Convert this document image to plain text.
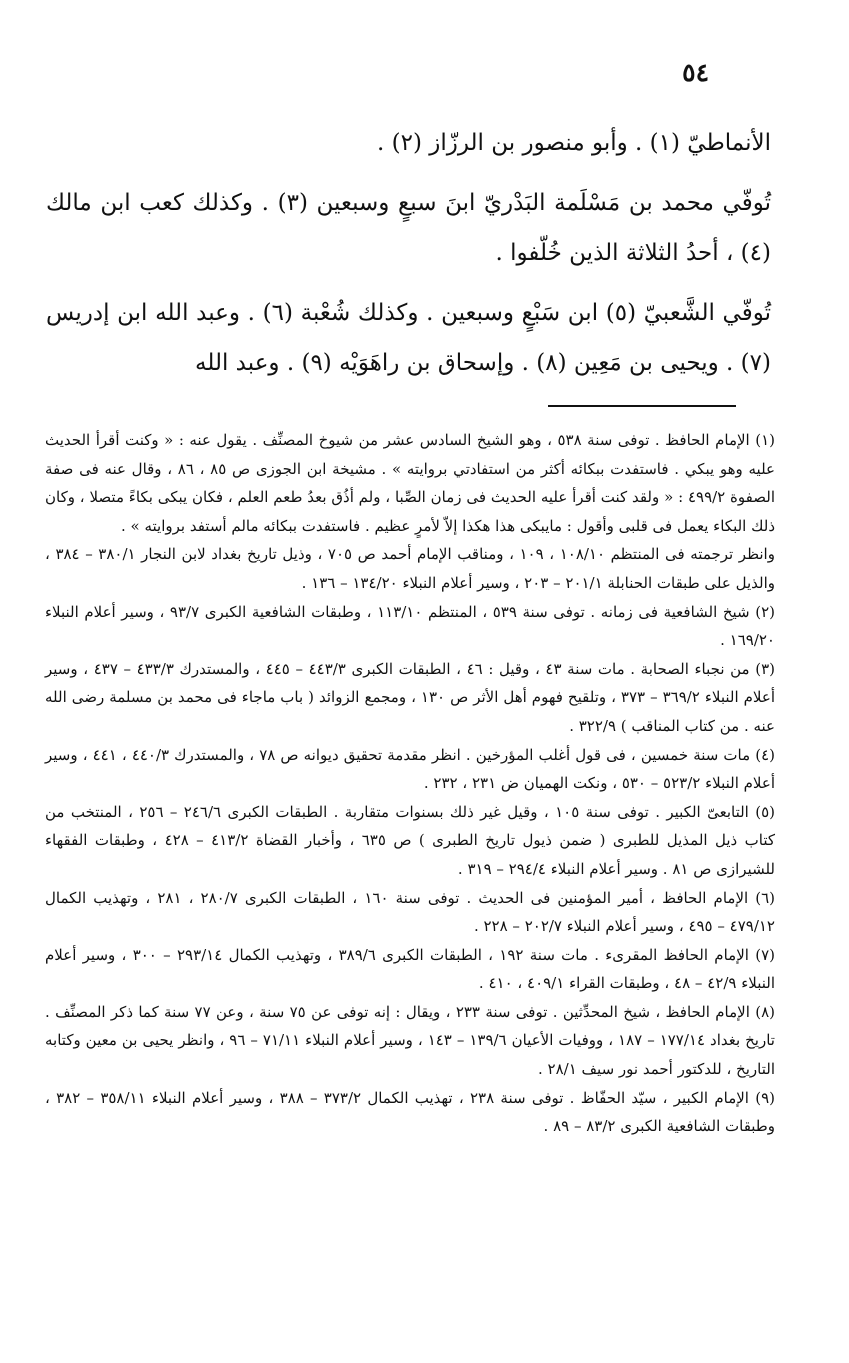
٥٤

الأنماطيّ (١) . وأبو منصور بن الرزّاز (٢) .

تُوفّي محمد بن مَسْلَمة البَدْريّ ابنَ سبعٍ وسبعين (٣) . وكذلك كعب ابن مالك (٤) ، أحدُ الثلاثة الذين خُلّفوا .

تُوفّي الشَّعبيّ (٥) ابن سَبْعٍ وسبعين . وكذلك شُعْبة (٦) . وعبد الله ابن إدريس (٧) . ويحيى بن مَعِين (٨) . وإسحاق بن راهَوَيْه (٩) . وعبد الله

(١) الإمام الحافظ . توفى سنة ٥٣٨ ، وهو الشيخ السادس عشر من شيوخ المصنِّف . يقول عنه : « وكنت أقرأ الحديث عليه وهو يبكي . فاستفدت ببكائه أكثر من استفادتي بروايته » . مشيخة ابن الجوزى ص ٨٥ ، ٨٦ ، وقال عنه فى صفة الصفوة ٤٩٩/٢ : « ولقد كنت أقرأ عليه الحديث فى زمان الصِّبا ، ولم أذُق بعدُ طعم العلم ، فكان يبكى بكاءً متصلا ، وكان ذلك البكاء يعمل فى قلبى وأقول : مايبكى هذا هكذا إلاّ لأمرٍ عظيم . فاستفدت ببكائه مالم أستفد بروايته » .

وانظر ترجمته فى المنتظم ١٠٨/١٠ ، ١٠٩ ، ومناقب الإمام أحمد ص ٧٠٥ ، وذيل تاريخ بغداد لابن النجار ٣٨٠/١ – ٣٨٤ ، والذيل على طبقات الحنابلة ٢٠١/١ – ٢٠٣ ، وسير أعلام النبلاء ١٣٤/٢٠ – ١٣٦ .

(٢) شيخ الشافعية فى زمانه . توفى سنة ٥٣٩ ، المنتظم ١١٣/١٠ ، وطبقات الشافعية الكبرى ٩٣/٧ ، وسير أعلام النبلاء ١٦٩/٢٠ .

(٣) من نجباء الصحابة . مات سنة ٤٣ ، وقيل : ٤٦ ، الطبقات الكبرى ٤٤٣/٣ – ٤٤٥ ، والمستدرك ٤٣٣/٣ – ٤٣٧ ، وسير أعلام النبلاء ٣٦٩/٢ – ٣٧٣ ، وتلقيح فهوم أهل الأثر ص ١٣٠ ، ومجمع الزوائد ( باب ماجاء فى محمد بن مسلمة رضى الله عنه . من كتاب المناقب ) ٣٢٢/٩ .

(٤) مات سنة خمسين ، فى قول أغلب المؤرخين . انظر مقدمة تحقيق ديوانه ص ٧٨ ، والمستدرك ٤٤٠/٣ ، ٤٤١ ، وسير أعلام النبلاء ٥٢٣/٢ – ٥٣٠ ، ونكت الهميان ض ٢٣١ ، ٢٣٢ .

(٥) التابعىّ الكبير . توفى سنة ١٠٥ ، وقيل غير ذلك بسنوات متقاربة . الطبقات الكبرى ٢٤٦/٦ – ٢٥٦ ، المنتخب من كتاب ذيل المذيل للطبرى ( ضمن ذيول تاريخ الطبرى ) ص ٦٣٥ ، وأخبار القضاة ٤١٣/٢ – ٤٢٨ ، وطبقات الفقهاء للشيرازى ص ٨١ . وسير أعلام النبلاء ٢٩٤/٤ – ٣١٩ .

(٦) الإمام الحافظ ، أمير المؤمنين فى الحديث . توفى سنة ١٦٠ ، الطبقات الكبرى ٢٨٠/٧ ، ٢٨١ ، وتهذيب الكمال ٤٧٩/١٢ – ٤٩٥ ، وسير أعلام النبلاء ٢٠٢/٧ – ٢٢٨ .

(٧) الإمام الحافظ المقرىء . مات سنة ١٩٢ ، الطبقات الكبرى ٣٨٩/٦ ، وتهذيب الكمال ٢٩٣/١٤ – ٣٠٠ ، وسير أعلام النبلاء ٤٢/٩ – ٤٨ ، وطبقات القراء ٤٠٩/١ ، ٤١٠ .

(٨) الإمام الحافظ ، شيخ المحدِّثين . توفى سنة ٢٣٣ ، ويقال : إنه توفى عن ٧٥ سنة ، وعن ٧٧ سنة كما ذكر المصنِّف . تاريخ بغداد ١٧٧/١٤ – ١٨٧ ، ووفيات الأعيان ١٣٩/٦ – ١٤٣ ، وسير أعلام النبلاء ٧١/١١ – ٩٦ ، وانظر يحيى بن معين وكتابه التاريخ ، للدكتور أحمد نور سيف ٢٨/١ .

(٩) الإمام الكبير ، سيّد الحفّاظ . توفى سنة ٢٣٨ ، تهذيب الكمال ٣٧٣/٢ – ٣٨٨ ، وسير أعلام النبلاء ٣٥٨/١١ – ٣٨٢ ، وطبقات الشافعية الكبرى ٨٣/٢ – ٨٩ .
